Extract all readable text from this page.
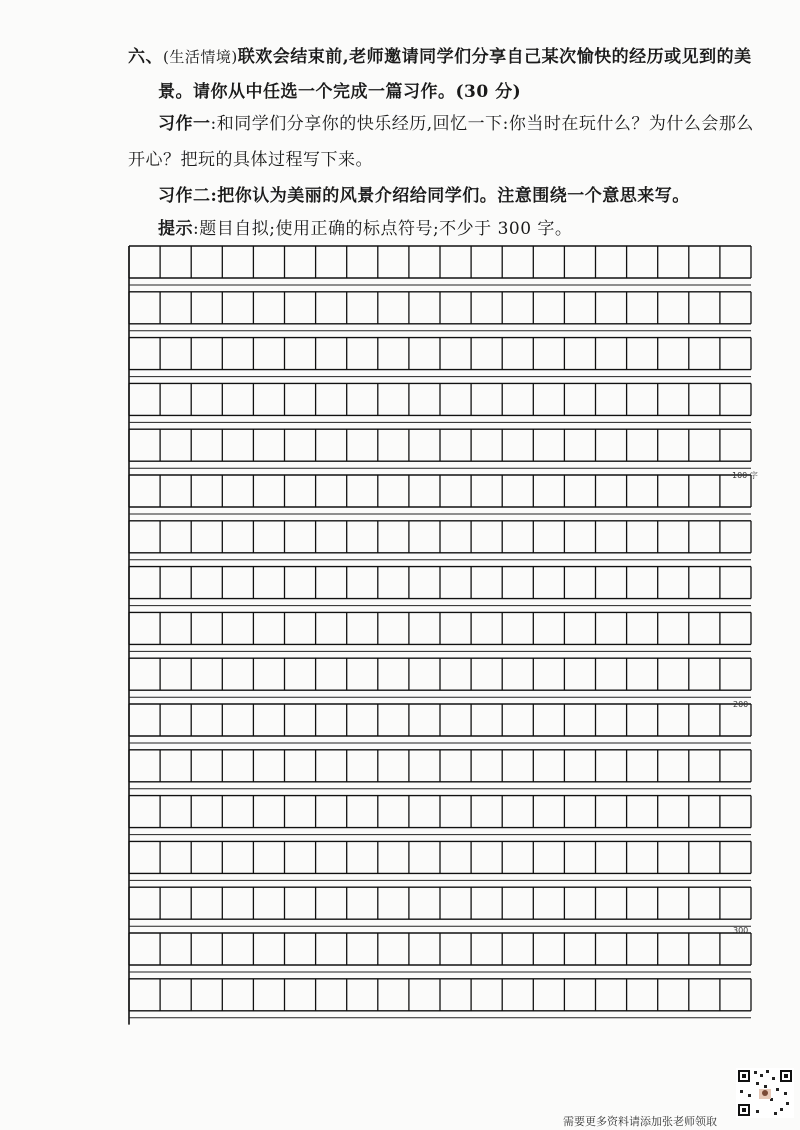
六、(生活情境)联欢会结束前,老师邀请同学们分享自己某次愉快的经历或见到的美
景。请你从中任选一个完成一篇习作。(30 分)
习作一:和同学们分享你的快乐经历,回忆一下:你当时在玩什么？为什么会那么
开心？把玩的具体过程写下来。
习作二:把你认为美丽的风景介绍给同学们。注意围绕一个意思来写。
提示:题目自拟;使用正确的标点符号;不少于 300 字。
100 字
200
300
需要更多资料请添加张老师领取
